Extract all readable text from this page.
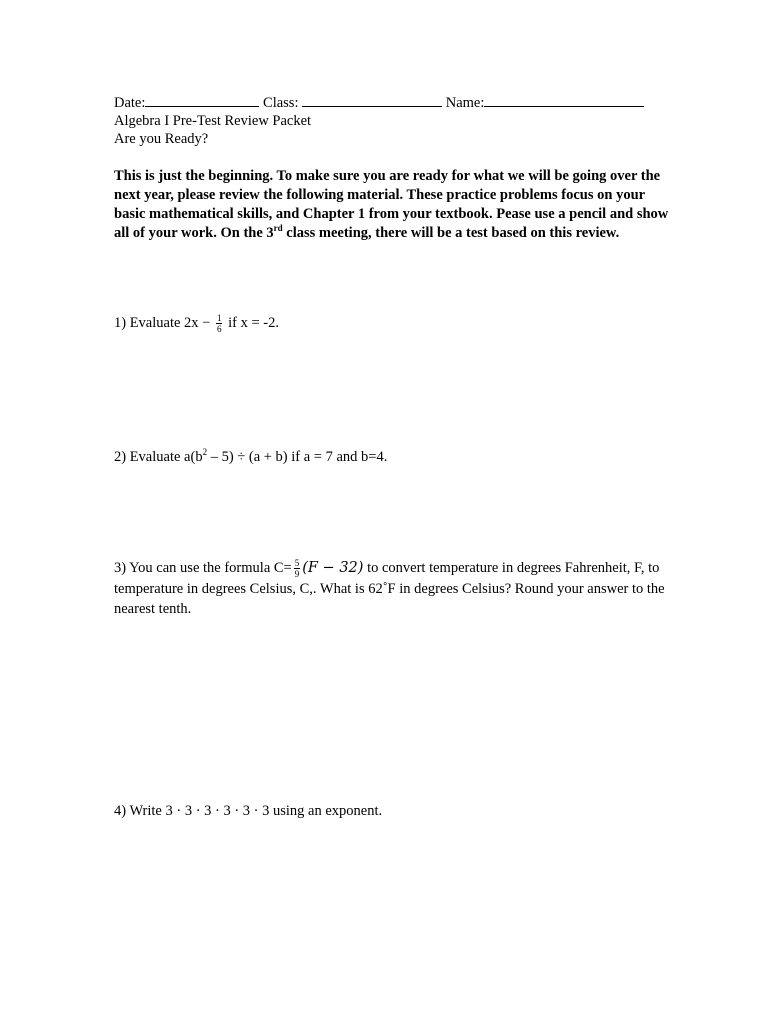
Date:	Class:	Name:
Algebra I Pre-Test Review Packet
Are you Ready?

This is just the beginning. To make sure you are ready for what we will be going over the next year, please review the following material. These practice problems focus on your basic mathematical skills, and Chapter 1 from your textbook. Pease use a pencil and show all of your work. On the 3rd class meeting, there will be a test based on this review.

1) Evaluate $2x - \frac{1}{6}$ if x = -2.
2) Evaluate $a(b^2 - 5) \div (a + b)$ if a = 7 and b=4.
3) You can use the formula $C= \frac{5}{9} (F - 32)$ to convert temperature in degrees Fahrenheit, F, to temperature in degrees Celsius, C,. What is 62˚F in degrees Celsius? Round your answer to the nearest tenth.
4) Write 3 · 3 · 3 · 3 · 3 · 3 using an exponent.
